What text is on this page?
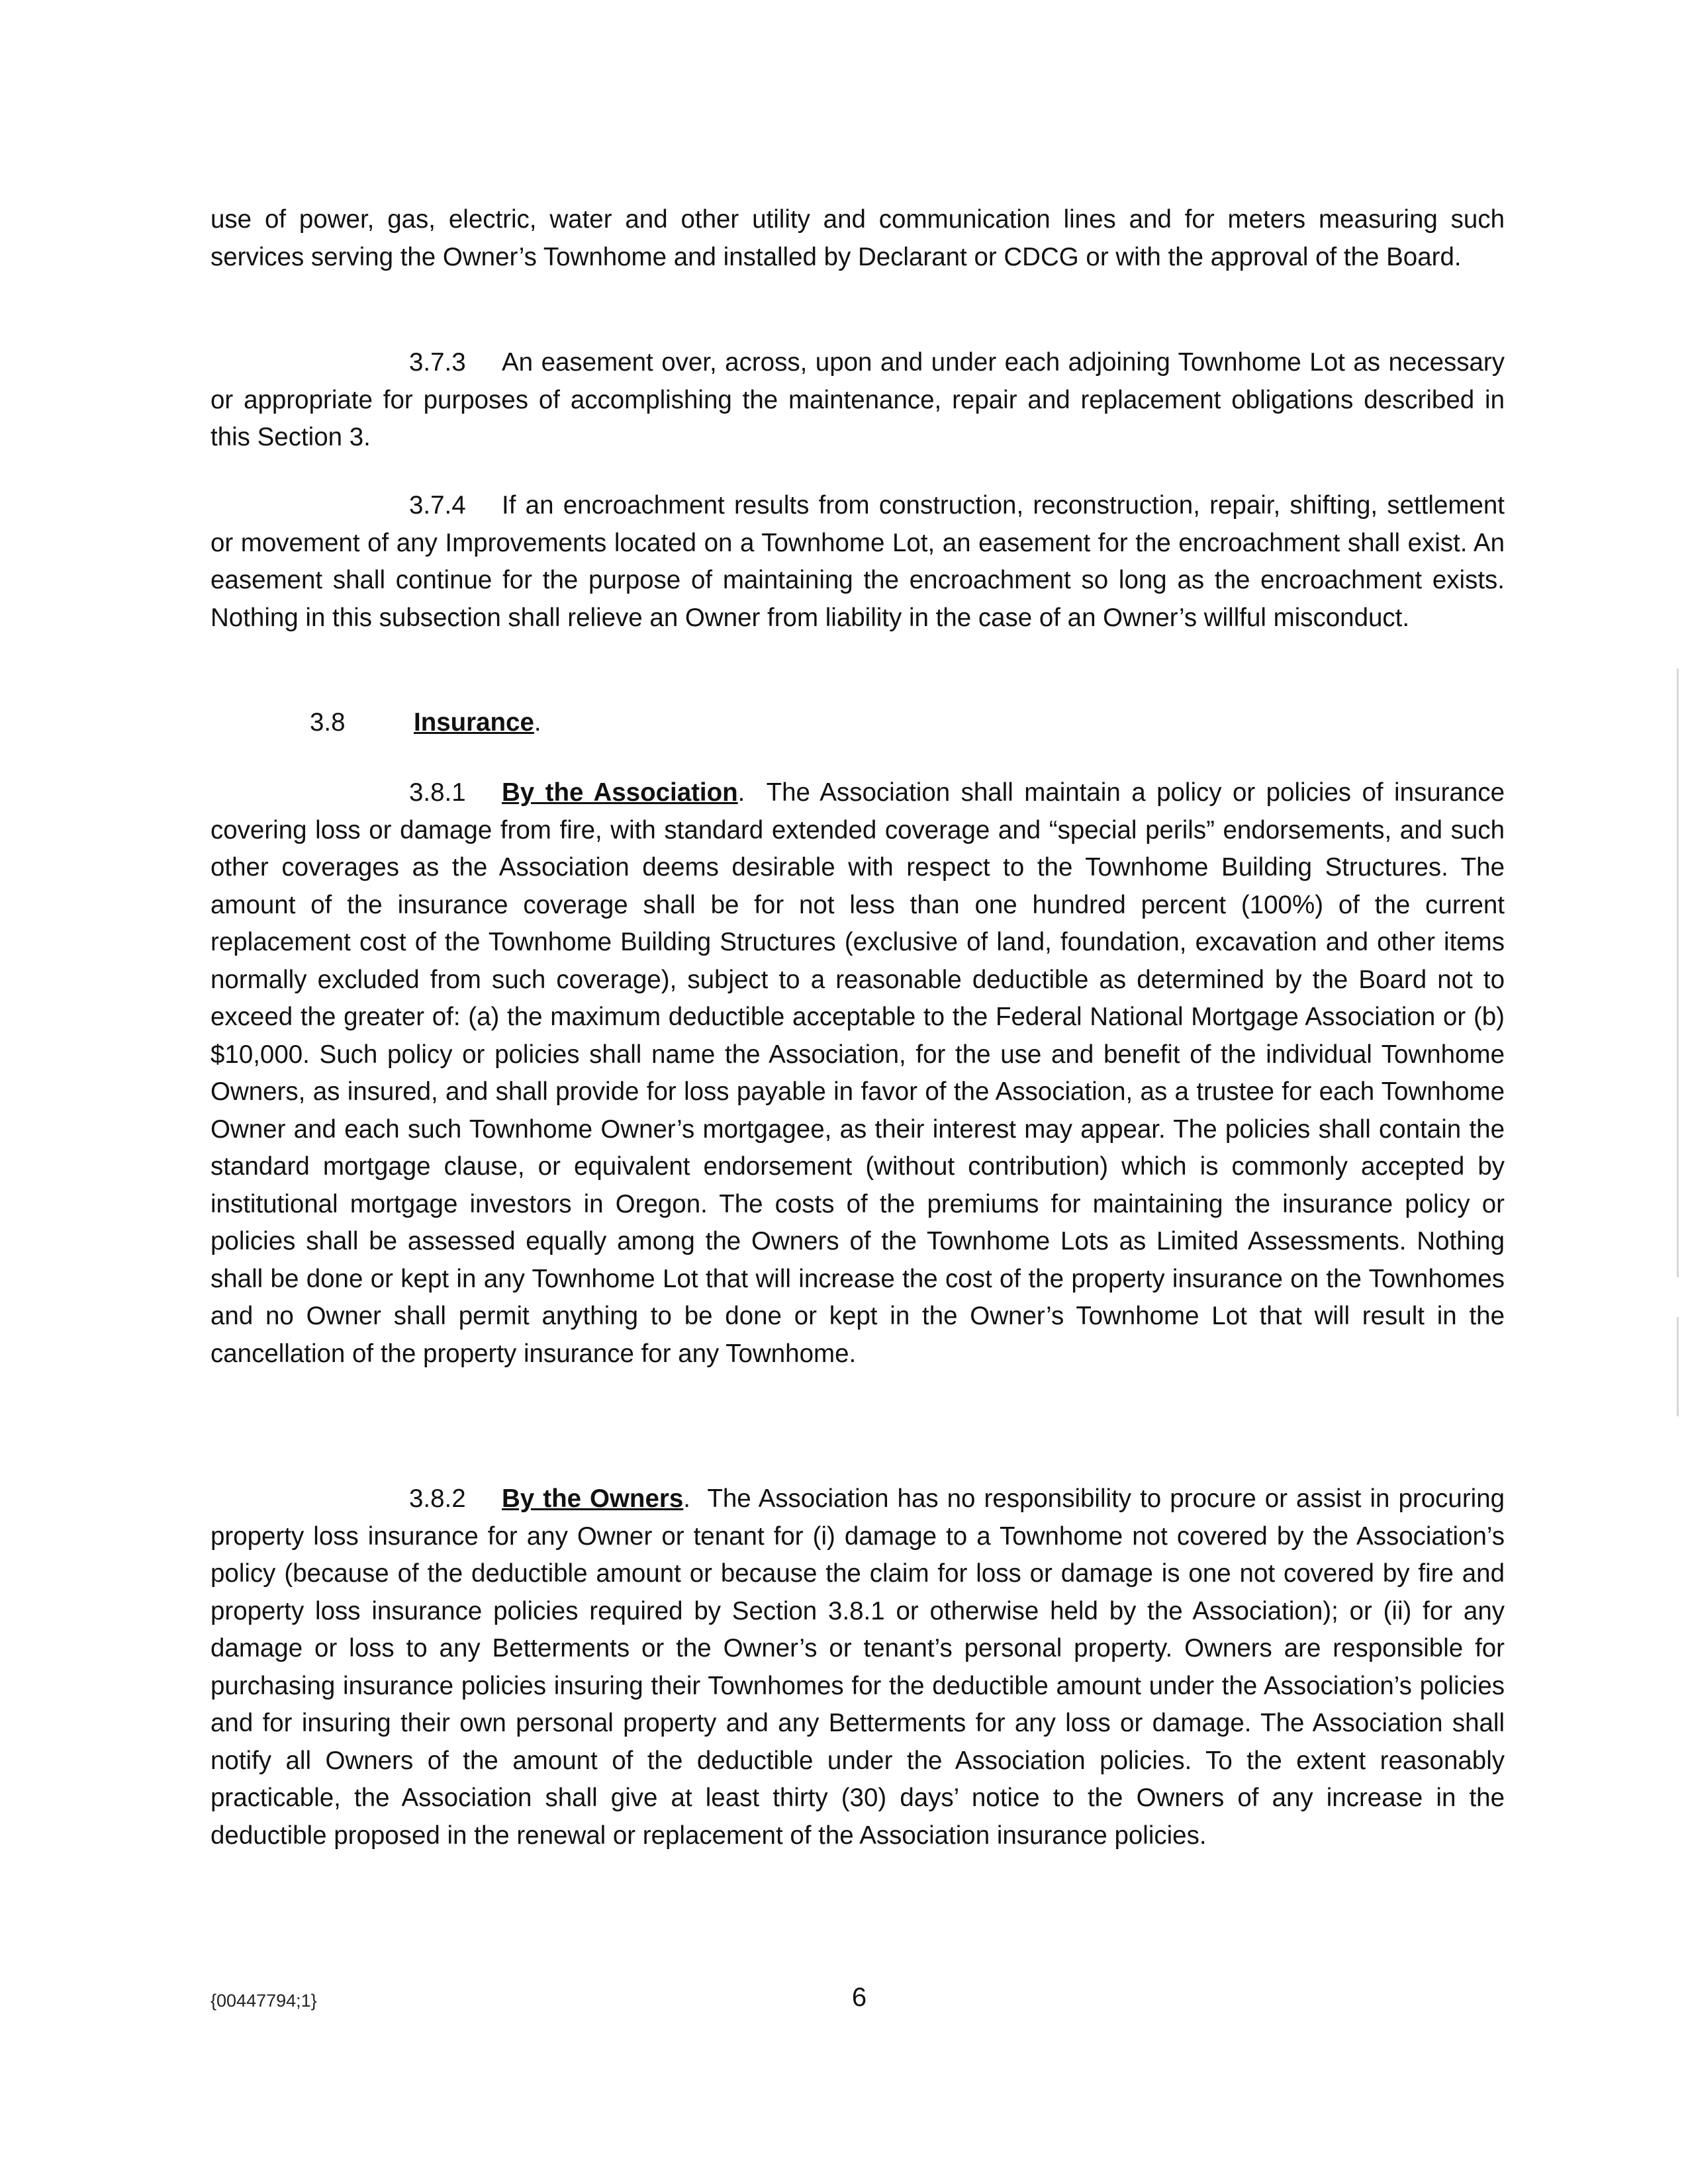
use of power, gas, electric, water and other utility and communication lines and for meters measuring such services serving the Owner’s Townhome and installed by Declarant or CDCG or with the approval of the Board.

3.7.3 An easement over, across, upon and under each adjoining Townhome Lot as necessary or appropriate for purposes of accomplishing the maintenance, repair and replacement obligations described in this Section 3.

3.7.4 If an encroachment results from construction, reconstruction, repair, shifting, settlement or movement of any Improvements located on a Townhome Lot, an easement for the encroachment shall exist. An easement shall continue for the purpose of maintaining the encroachment so long as the encroachment exists. Nothing in this subsection shall relieve an Owner from liability in the case of an Owner’s willful misconduct.

3.8	Insurance.

3.8.1 By the Association. The Association shall maintain a policy or policies of insurance covering loss or damage from fire, with standard extended coverage and “special perils” endorsements, and such other coverages as the Association deems desirable with respect to the Townhome Building Structures. The amount of the insurance coverage shall be for not less than one hundred percent (100%) of the current replacement cost of the Townhome Building Structures (exclusive of land, foundation, excavation and other items normally excluded from such coverage), subject to a reasonable deductible as determined by the Board not to exceed the greater of: (a) the maximum deductible acceptable to the Federal National Mortgage Association or (b) $10,000. Such policy or policies shall name the Association, for the use and benefit of the individual Townhome Owners, as insured, and shall provide for loss payable in favor of the Association, as a trustee for each Townhome Owner and each such Townhome Owner’s mortgagee, as their interest may appear. The policies shall contain the standard mortgage clause, or equivalent endorsement (without contribution) which is commonly accepted by institutional mortgage investors in Oregon. The costs of the premiums for maintaining the insurance policy or policies shall be assessed equally among the Owners of the Townhome Lots as Limited Assessments. Nothing shall be done or kept in any Townhome Lot that will increase the cost of the property insurance on the Townhomes and no Owner shall permit anything to be done or kept in the Owner’s Townhome Lot that will result in the cancellation of the property insurance for any Townhome.

3.8.2 By the Owners. The Association has no responsibility to procure or assist in procuring property loss insurance for any Owner or tenant for (i) damage to a Townhome not covered by the Association’s policy (because of the deductible amount or because the claim for loss or damage is one not covered by fire and property loss insurance policies required by Section 3.8.1 or otherwise held by the Association); or (ii) for any damage or loss to any Betterments or the Owner’s or tenant’s personal property. Owners are responsible for purchasing insurance policies insuring their Townhomes for the deductible amount under the Association’s policies and for insuring their own personal property and any Betterments for any loss or damage. The Association shall notify all Owners of the amount of the deductible under the Association policies. To the extent reasonably practicable, the Association shall give at least thirty (30) days’ notice to the Owners of any increase in the deductible proposed in the renewal or replacement of the Association insurance policies.

{00447794;1}	6
